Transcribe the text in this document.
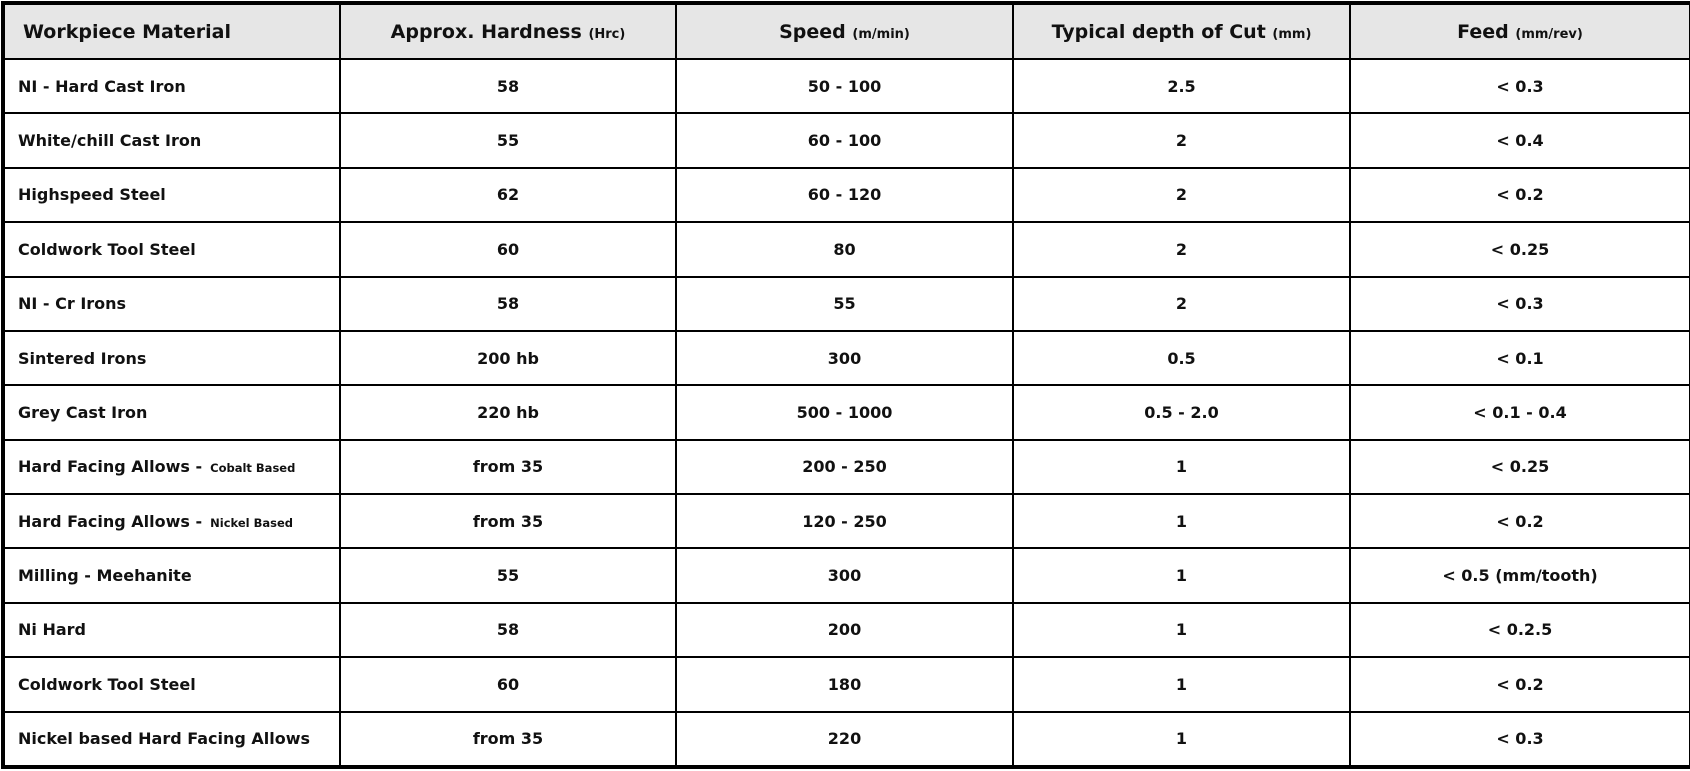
Workpiece Material	Approx. Hardness (Hrc)	Speed (m/min)	Typical depth of Cut (mm)	Feed (mm/rev)
NI - Hard Cast Iron	58	50 - 100	2.5	< 0.3
White/chill Cast Iron	55	60 - 100	2	< 0.4
Highspeed Steel	62	60 - 120	2	< 0.2
Coldwork Tool Steel	60	80	2	< 0.25
NI - Cr Irons	58	55	2	< 0.3
Sintered Irons	200 hb	300	0.5	< 0.1
Grey Cast Iron	220 hb	500 - 1000	0.5 - 2.0	< 0.1 - 0.4
Hard Facing Allows - Cobalt Based	from 35	200 - 250	1	< 0.25
Hard Facing Allows - Nickel Based	from 35	120 - 250	1	< 0.2
Milling - Meehanite	55	300	1	< 0.5 (mm/tooth)
Ni Hard	58	200	1	< 0.2.5
Coldwork Tool Steel	60	180	1	< 0.2
Nickel based Hard Facing Allows	from 35	220	1	< 0.3
